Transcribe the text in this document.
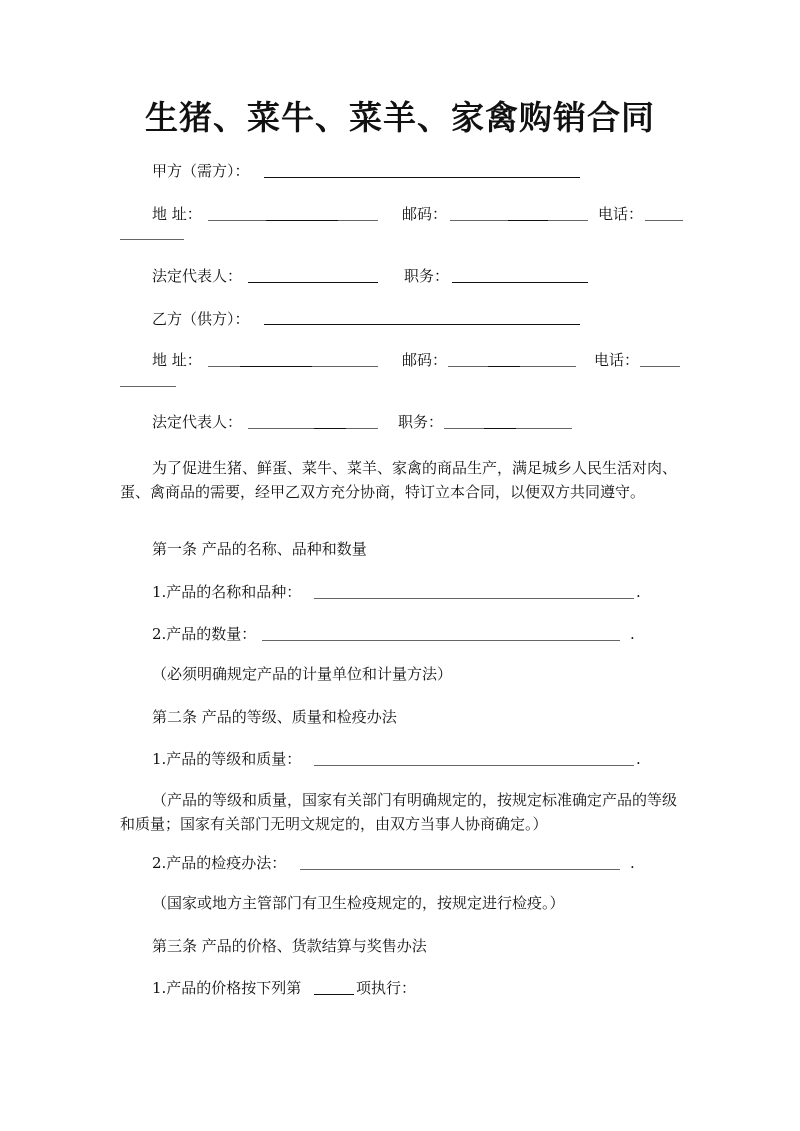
生猪、菜牛、菜羊、家禽购销合同
甲方（需方）：
地 址：	邮码：	电话：
法定代表人：	职务：
乙方（供方）：
地 址：	邮码：	电话：
法定代表人：	职务：
为了促进生猪、鲜蛋、菜牛、菜羊、家禽的商品生产，满足城乡人民生活对肉、蛋、禽商品的需要，经甲乙双方充分协商，特订立本合同，以便双方共同遵守。
第一条 产品的名称、品种和数量
1.产品的名称和品种：	.
2.产品的数量：	.
（必须明确规定产品的计量单位和计量方法）
第二条 产品的等级、质量和检疫办法
1.产品的等级和质量：	.
（产品的等级和质量，国家有关部门有明确规定的，按规定标准确定产品的等级和质量；国家有关部门无明文规定的，由双方当事人协商确定。）
2.产品的检疫办法：	.
（国家或地方主管部门有卫生检疫规定的，按规定进行检疫。）
第三条 产品的价格、货款结算与奖售办法
1.产品的价格按下列第	项执行：
